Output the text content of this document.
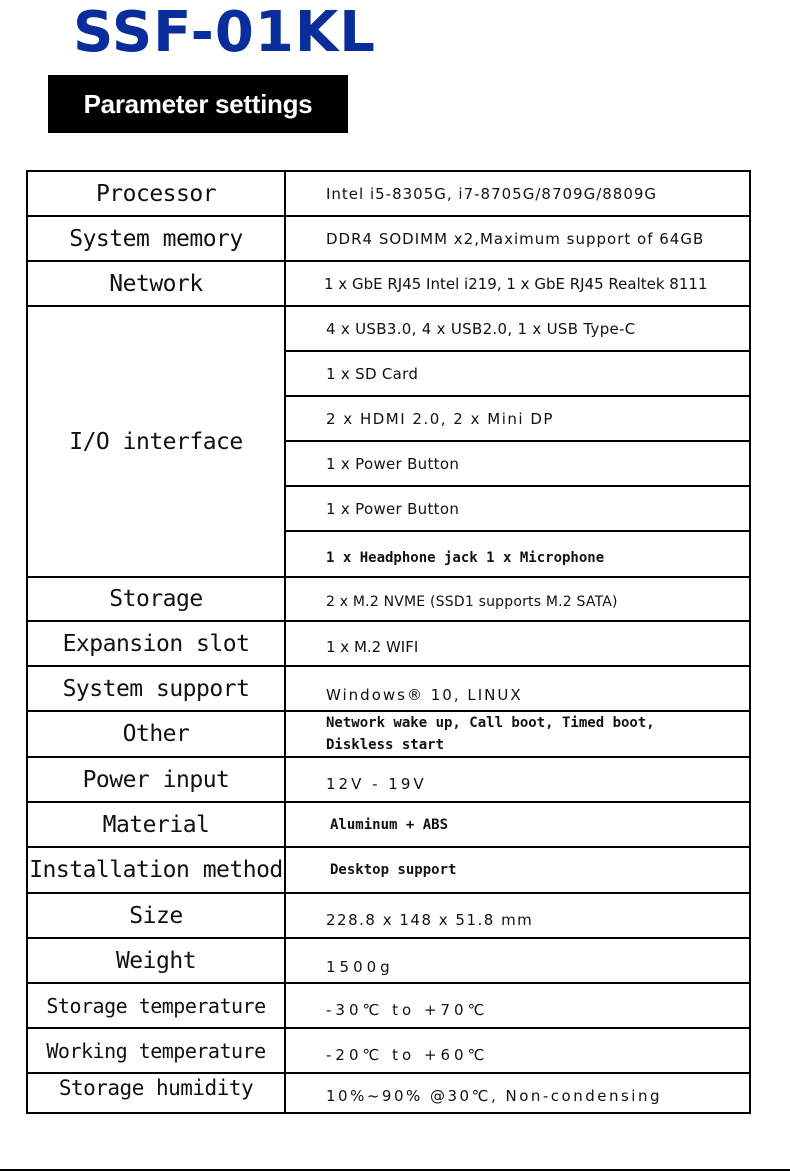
SSF-01KL
Parameter settings
Processor	Intel i5-8305G, i7-8705G/8709G/8809G
System memory	DDR4 SODIMM x2,Maximum support of 64GB
Network	1 x GbE RJ45 Intel i219, 1 x GbE RJ45 Realtek 8111
I/O interface	4 x USB3.0, 4 x USB2.0, 1 x USB Type-C
	1 x SD Card
	2 x HDMI 2.0, 2 x Mini DP
	1 x Power Button
	1 x Power Button
	1 x Headphone jack 1 x Microphone
Storage	2 x M.2 NVME (SSD1 supports M.2 SATA)
Expansion slot	1 x M.2 WIFI
System support	Windows® 10, LINUX
Other	Network wake up, Call boot, Timed boot, Diskless start
Power input	12V - 19V
Material	Aluminum + ABS
Installation method	Desktop support
Size	228.8 x 148 x 51.8 mm
Weight	1500g
Storage temperature	-30℃ to +70℃
Working temperature	-20℃ to +60℃
Storage humidity	10%~90% @30℃, Non-condensing
